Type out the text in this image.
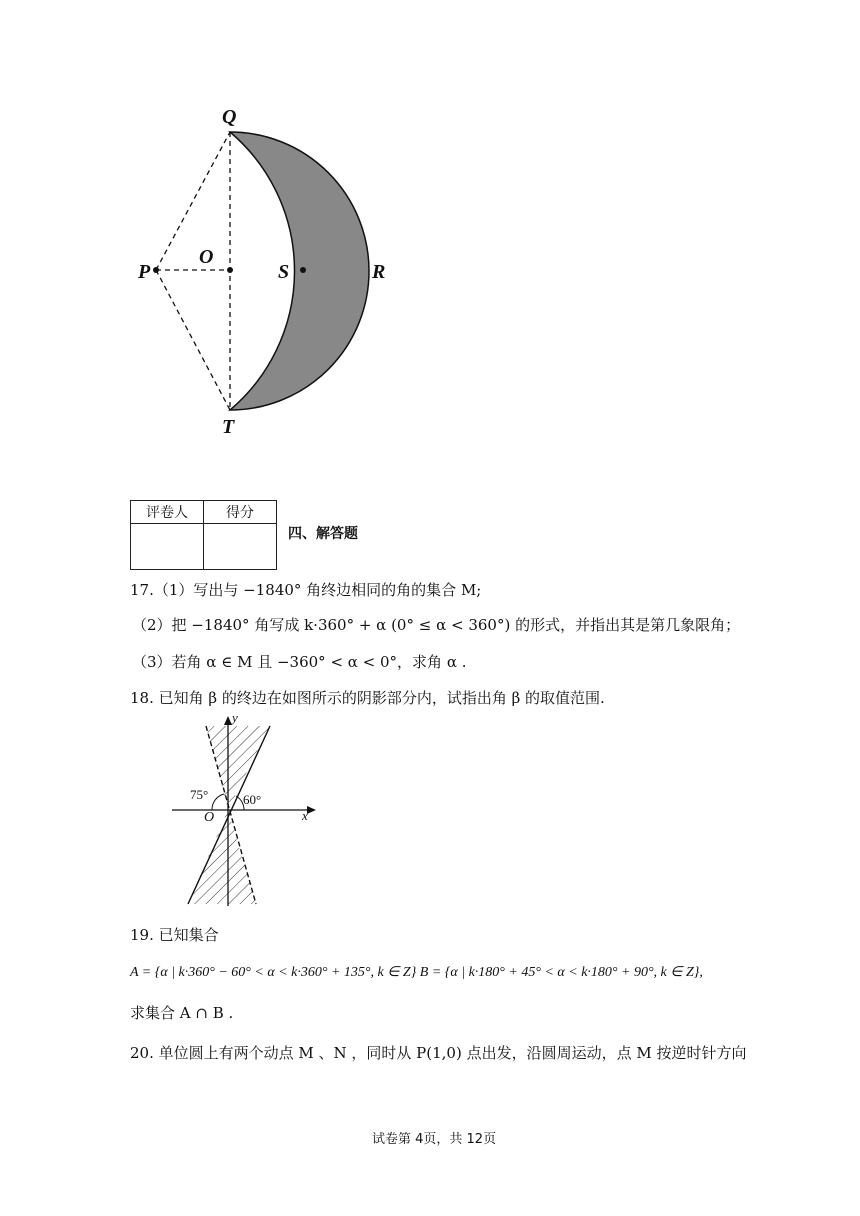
Q
O
P	S	R
T
评卷人	得分

四、解答题
17.（1）写出与 −1840° 角终边相同的角的集合 M;
（2）把 −1840° 角写成 k·360° + α (0° ≤ α < 360°) 的形式，并指出其是第几象限角；
（3）若角 α ∈ M 且 −360° < α < 0°，求角 α .
18. 已知角 β 的终边在如图所示的阴影部分内，试指出角 β 的取值范围.
y
x
O
75°	60°
19. 已知集合
A = {α | k·360° − 60° < α < k·360° + 135°, k ∈ Z} B = {α | k·180° + 45° < α < k·180° + 90°, k ∈ Z},
求集合 A ∩ B .
20. 单位圆上有两个动点 M 、N ，同时从 P(1,0) 点出发，沿圆周运动，点 M 按逆时针方向
试卷第 4页，共 12页
